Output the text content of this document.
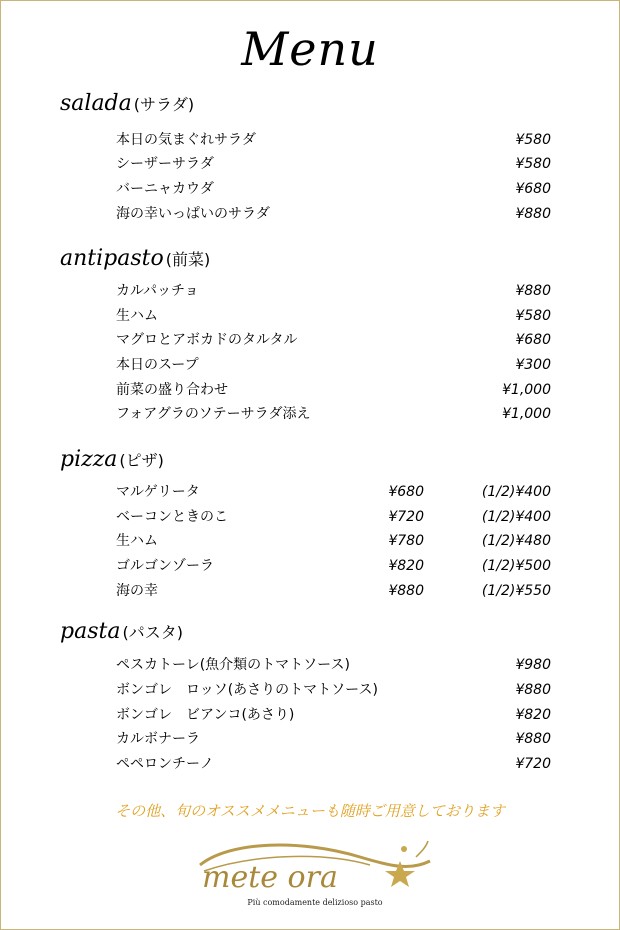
Menu
salada (サラダ)
本日の気まぐれサラダ	¥580
シーザーサラダ	¥580
バーニャカウダ	¥680
海の幸いっぱいのサラダ	¥880
antipasto (前菜)
カルパッチョ	¥880
生ハム	¥580
マグロとアボカドのタルタル	¥680
本日のスープ	¥300
前菜の盛り合わせ	¥1,000
フォアグラのソテーサラダ添え	¥1,000
pizza (ピザ)
マルゲリータ	¥680	(1/2)¥400
ベーコンときのこ	¥720	(1/2)¥400
生ハム	¥780	(1/2)¥480
ゴルゴンゾーラ	¥820	(1/2)¥500
海の幸	¥880	(1/2)¥550
pasta (パスタ)
ペスカトーレ(魚介類のトマトソース)	¥980
ボンゴレ　ロッソ(あさりのトマトソース)	¥880
ボンゴレ　ビアンコ(あさり)	¥820
カルボナーラ	¥880
ペペロンチーノ	¥720
その他、旬のオススメメニューも随時ご用意しております
mete ora
Più comodamente delizioso pasto
